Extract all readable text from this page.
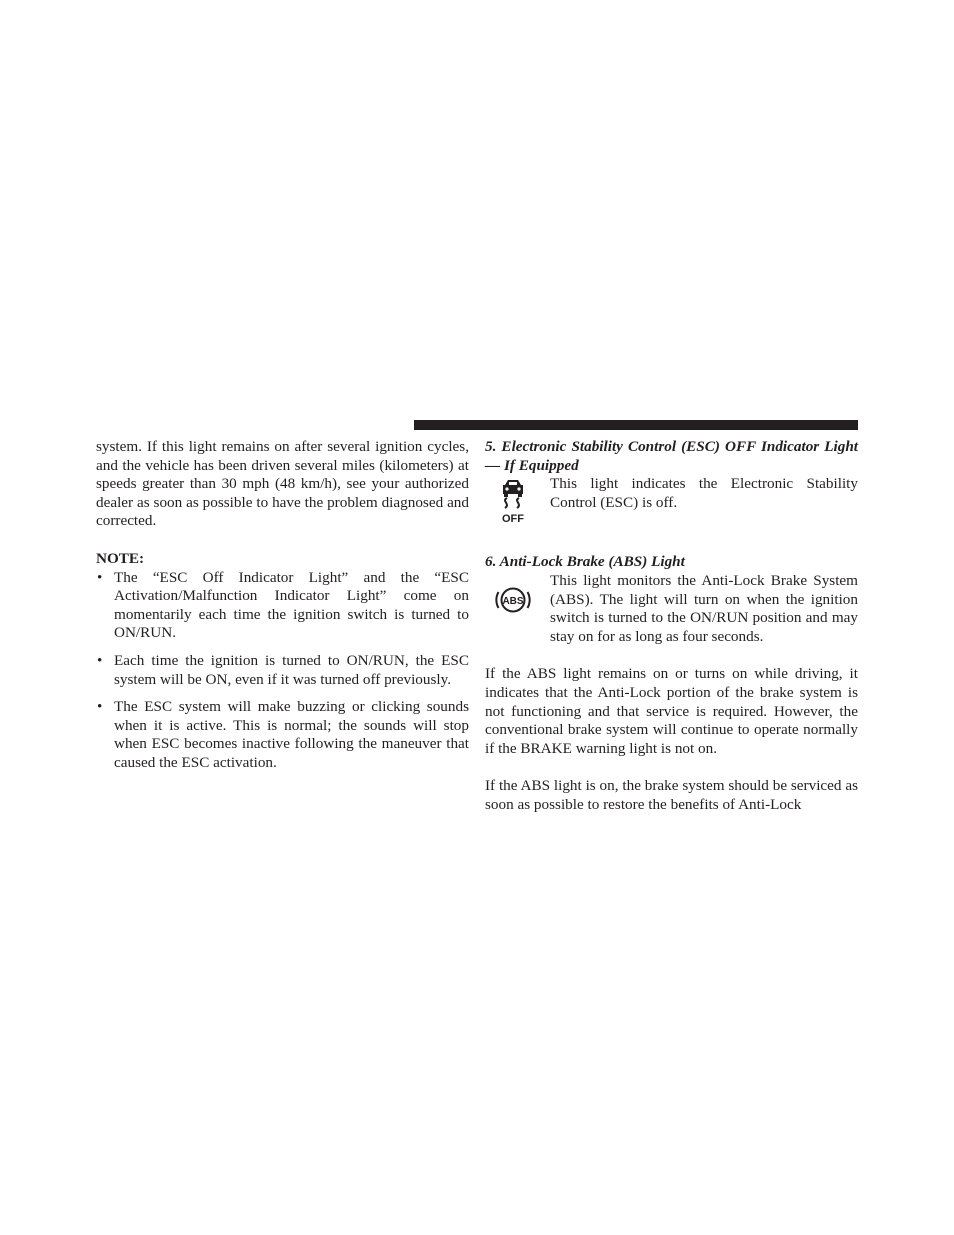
system. If this light remains on after several ignition cycles, and the vehicle has been driven several miles (kilometers) at speeds greater than 30 mph (48 km/h), see your authorized dealer as soon as possible to have the problem diagnosed and corrected.

NOTE:

• The “ESC Off Indicator Light” and the “ESC Activation/Malfunction Indicator Light” come on momentarily each time the ignition switch is turned to ON/RUN.
• Each time the ignition is turned to ON/RUN, the ESC system will be ON, even if it was turned off previously.
• The ESC system will make buzzing or clicking sounds when it is active. This is normal; the sounds will stop when ESC becomes inactive following the maneuver that caused the ESC activation.

5. Electronic Stability Control (ESC) OFF Indicator Light — If Equipped

OFF

This light indicates the Electronic Stability Control (ESC) is off.

6. Anti-Lock Brake (ABS) Light

ABS

This light monitors the Anti-Lock Brake System (ABS). The light will turn on when the ignition switch is turned to the ON/RUN position and may stay on for as long as four seconds.

If the ABS light remains on or turns on while driving, it indicates that the Anti-Lock portion of the brake system is not functioning and that service is required. However, the conventional brake system will continue to operate normally if the BRAKE warning light is not on.

If the ABS light is on, the brake system should be serviced as soon as possible to restore the benefits of Anti-Lock
